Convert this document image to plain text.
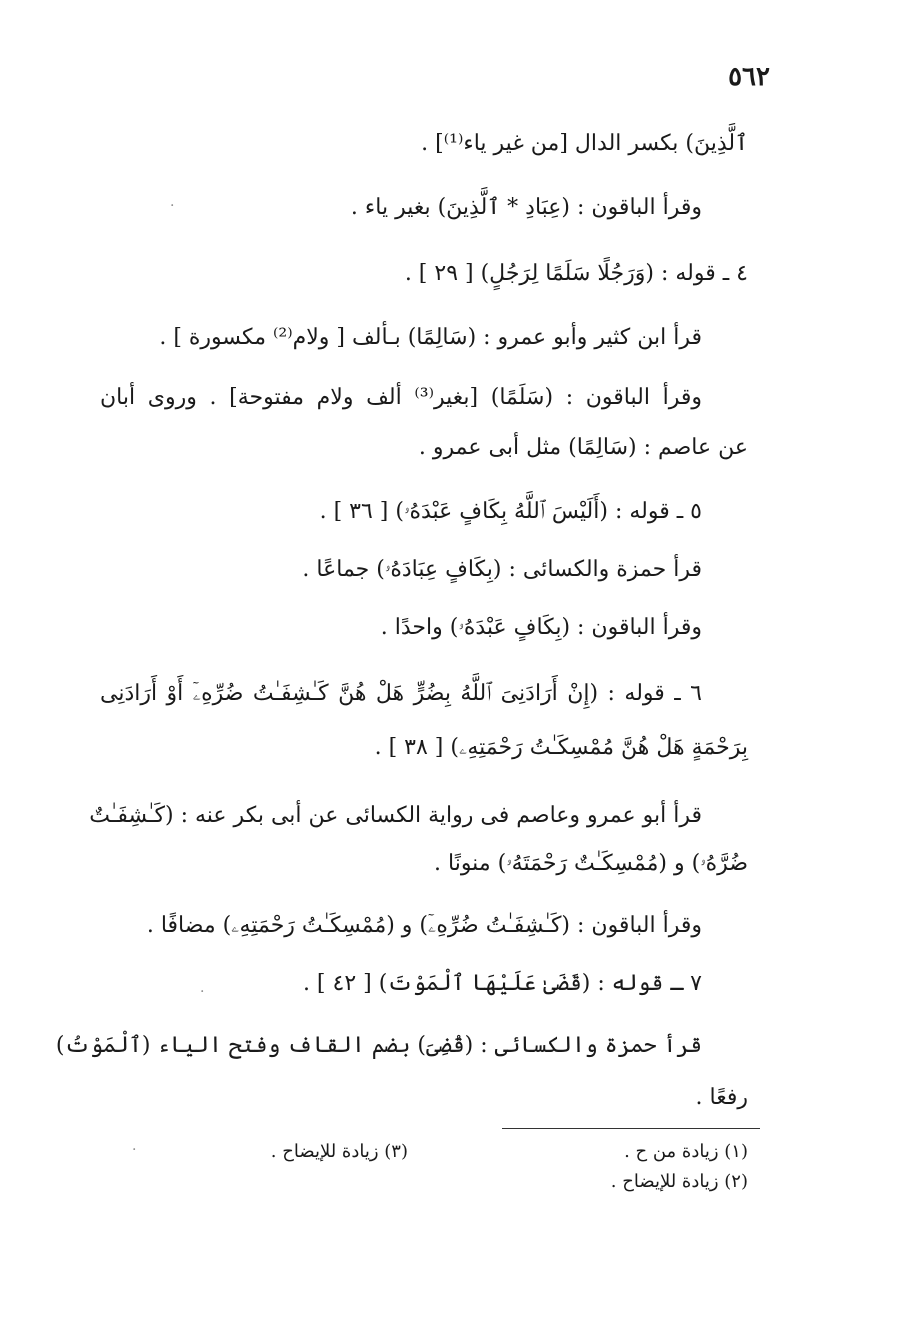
٥٦٢
ٱلَّذِينَ) بكسر الدال [من غير ياء⁽¹⁾] .
وقرأ الباقون : (عِبَادِ * ٱلَّذِينَ) بغير ياء .
٤ ـ قوله : (وَرَجُلًا سَلَمًا لِرَجُلٍ) [ ٢٩ ] .
قرأ ابن كثير وأبو عمرو : (سَالِمًا) بـألف [ ولام⁽²⁾ مكسورة ] .
وقرأ الباقون : (سَلَمًا) [بغير⁽³⁾ ألف ولام مفتوحة] . وروى أبان
عن عاصم : (سَالِمًا) مثل أبى عمرو .
٥ ـ قوله : (أَلَيْسَ ٱللَّهُ بِكَافٍ عَبْدَهُۥ) [ ٣٦ ] .
قرأ حمزة والكسائى : (بِكَافٍ عِبَادَهُۥ) جماعًا .
وقرأ الباقون : (بِكَافٍ عَبْدَهُۥ) واحدًا .
٦ ـ قوله : (إِنْ أَرَادَنِىَ ٱللَّهُ بِضُرٍّ هَلْ هُنَّ كَـٰشِفَـٰتُ ضُرِّهِۦٓ أَوْ أَرَادَنِى
بِرَحْمَةٍ هَلْ هُنَّ مُمْسِكَـٰتُ رَحْمَتِهِۦ) [ ٣٨ ] .
قرأ أبو عمرو وعاصم فى رواية الكسائى عن أبى بكر عنه : (كَـٰشِفَـٰتٌ
ضُرَّهُۥ) و (مُمْسِكَـٰتٌ رَحْمَتَهُۥ) منونًا .
وقرأ الباقون : (كَـٰشِفَـٰتُ ضُرِّهِۦٓ) و (مُمْسِكَـٰتُ رَحْمَتِهِۦ) مضافًا .
٧ ـ قوله : (قَضَىٰ عَلَيْهَا ٱلْمَوْتَ) [ ٤٢ ] .
قرأ حمزة والكسائى : (قُضِىَ) بضم القاف وفتح الياء (ٱلْمَوْتُ)
رفعًا .
(١) زيادة من ح .
(٢) زيادة للإيضاح .
(٣) زيادة للإيضاح .
·
·
·
